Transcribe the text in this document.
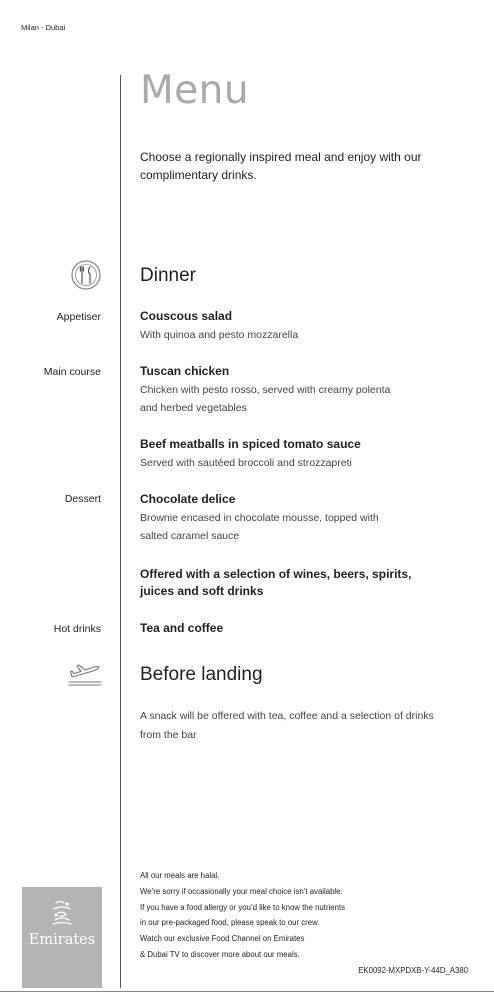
Milan - Dubai
Menu
Choose a regionally inspired meal and enjoy with our complimentary drinks.
Dinner
Appetiser
Main course
Dessert
Hot drinks
Couscous salad
With quinoa and pesto mozzarella
Tuscan chicken
Chicken with pesto rosso, served with creamy polenta and herbed vegetables
Beef meatballs in spiced tomato sauce
Served with sautéed broccoli and strozzapreti
Chocolate delice
Brownie encased in chocolate mousse, topped with salted caramel sauce
Offered with a selection of wines, beers, spirits, juices and soft drinks
Tea and coffee
Before landing
A snack will be offered with tea, coffee and a selection of drinks from the bar
Emirates
All our meals are halal.
We’re sorry if occasionally your meal choice isn’t available.
If you have a food allergy or you’d like to know the nutrients
in our pre-packaged food, please speak to our crew.
Watch our exclusive Food Channel on Emirates
& Dubai TV to discover more about our meals.
EK0092-MXPDXB-Y-44D_A380
